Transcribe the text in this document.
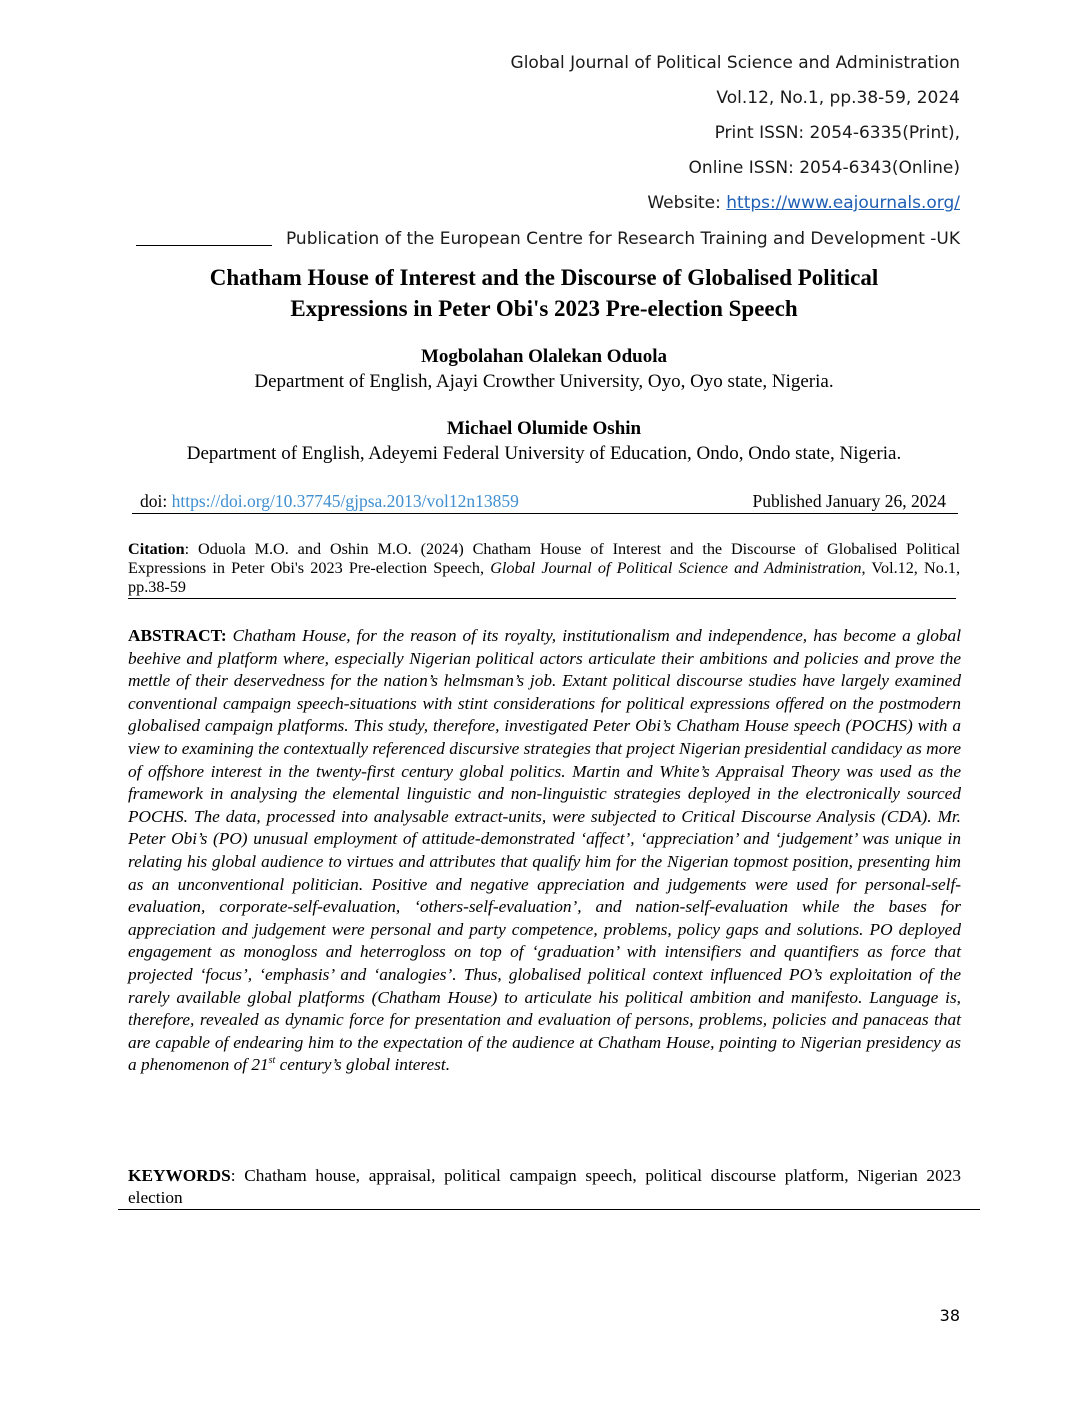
Global Journal of Political Science and Administration
Vol.12, No.1, pp.38-59, 2024
Print ISSN: 2054-6335(Print),
Online ISSN: 2054-6343(Online)
Website: https://www.eajournals.org/
Publication of the European Centre for Research Training and Development -UK
Chatham House of Interest and the Discourse of Globalised Political
Expressions in Peter Obi's 2023 Pre-election Speech
Mogbolahan Olalekan Oduola
Department of English, Ajayi Crowther University, Oyo, Oyo state, Nigeria.
Michael Olumide Oshin
Department of English, Adeyemi Federal University of Education, Ondo, Ondo state, Nigeria.
doi: https://doi.org/10.37745/gjpsa.2013/vol12n13859	Published January 26, 2024
Citation: Oduola M.O. and Oshin M.O. (2024) Chatham House of Interest and the Discourse of Globalised Political Expressions in Peter Obi's 2023 Pre-election Speech, Global Journal of Political Science and Administration, Vol.12, No.1, pp.38-59
ABSTRACT: Chatham House, for the reason of its royalty, institutionalism and independence, has become a global beehive and platform where, especially Nigerian political actors articulate their ambitions and policies and prove the mettle of their deservedness for the nation’s helmsman’s job. Extant political discourse studies have largely examined conventional campaign speech-situations with stint considerations for political expressions offered on the postmodern globalised campaign platforms. This study, therefore, investigated Peter Obi’s Chatham House speech (POCHS) with a view to examining the contextually referenced discursive strategies that project Nigerian presidential candidacy as more of offshore interest in the twenty-first century global politics. Martin and White’s Appraisal Theory was used as the framework in analysing the elemental linguistic and non-linguistic strategies deployed in the electronically sourced POCHS. The data, processed into analysable extract-units, were subjected to Critical Discourse Analysis (CDA). Mr. Peter Obi’s (PO) unusual employment of attitude-demonstrated ‘affect’, ‘appreciation’ and ‘judgement’ was unique in relating his global audience to virtues and attributes that qualify him for the Nigerian topmost position, presenting him as an unconventional politician. Positive and negative appreciation and judgements were used for personal-self-evaluation, corporate-self-evaluation, ‘others-self-evaluation’, and nation-self-evaluation while the bases for appreciation and judgement were personal and party competence, problems, policy gaps and solutions. PO deployed engagement as monogloss and heterrogloss on top of ‘graduation’ with intensifiers and quantifiers as force that projected ‘focus’, ‘emphasis’ and ‘analogies’. Thus, globalised political context influenced PO’s exploitation of the rarely available global platforms (Chatham House) to articulate his political ambition and manifesto. Language is, therefore, revealed as dynamic force for presentation and evaluation of persons, problems, policies and panaceas that are capable of endearing him to the expectation of the audience at Chatham House, pointing to Nigerian presidency as a phenomenon of 21st century’s global interest.
KEYWORDS: Chatham house, appraisal, political campaign speech, political discourse platform, Nigerian 2023 election
38
